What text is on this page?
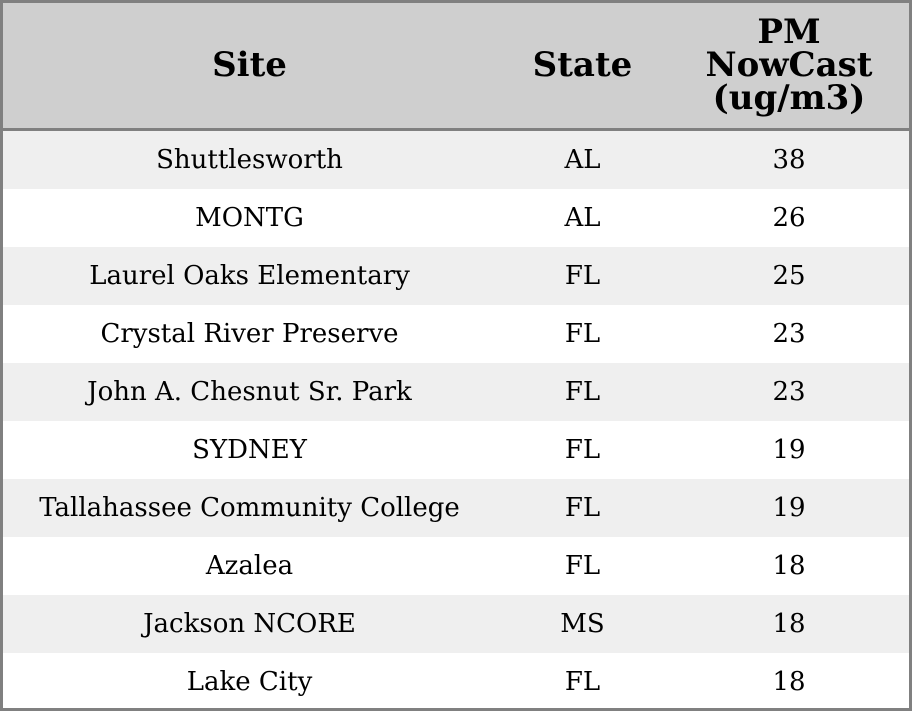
Site	State	PM
NowCast
(ug/m3)

Shuttlesworth	AL	38
MONTG	AL	26
Laurel Oaks Elementary	FL	25
Crystal River Preserve	FL	23
John A. Chesnut Sr. Park	FL	23
SYDNEY	FL	19
Tallahassee Community College	FL	19
Azalea	FL	18
Jackson NCORE	MS	18
Lake City	FL	18
